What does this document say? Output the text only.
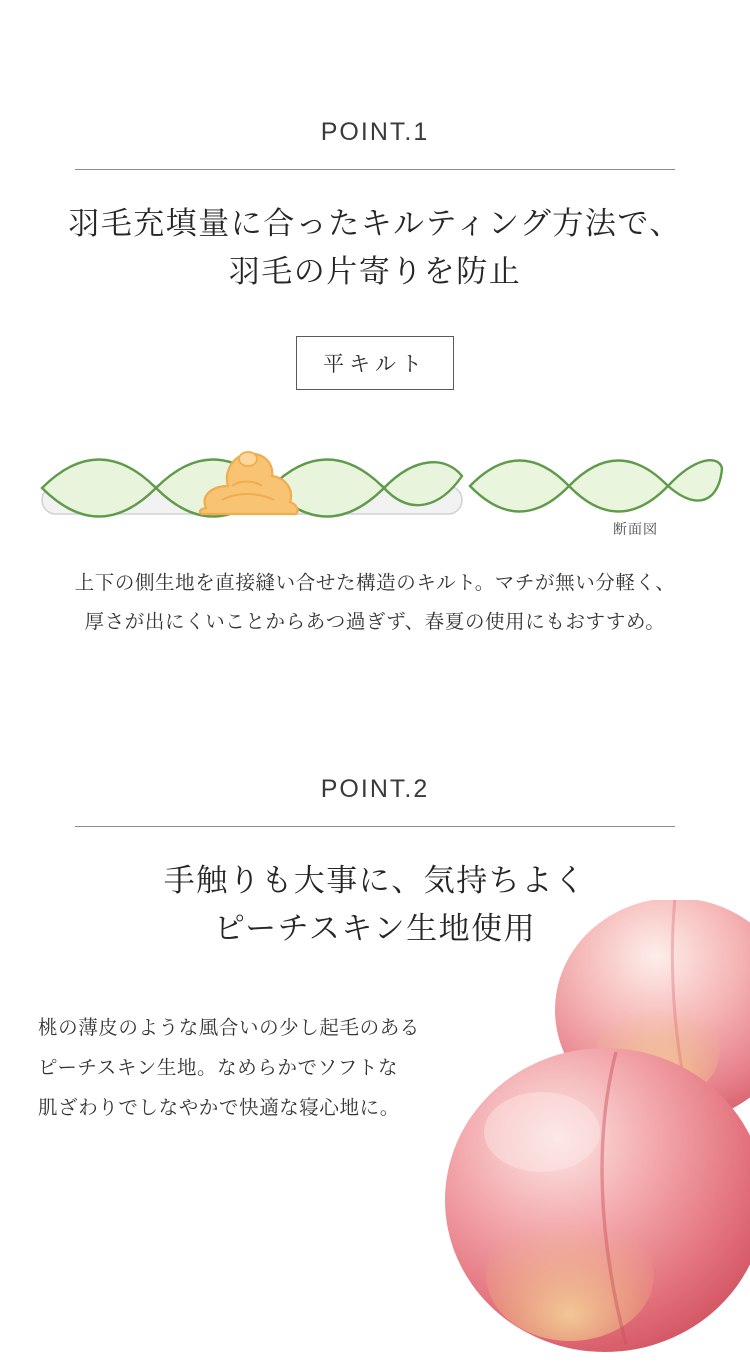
POINT.1
羽毛充填量に合ったキルティング方法で、
羽毛の片寄りを防止
平キルト
断面図
上下の側生地を直接縫い合せた構造のキルト。マチが無い分軽く、
厚さが出にくいことからあつ過ぎず、春夏の使用にもおすすめ。
POINT.2
手触りも大事に、気持ちよく
ピーチスキン生地使用
桃の薄皮のような風合いの少し起毛のある
ピーチスキン生地。なめらかでソフトな
肌ざわりでしなやかで快適な寝心地に。
